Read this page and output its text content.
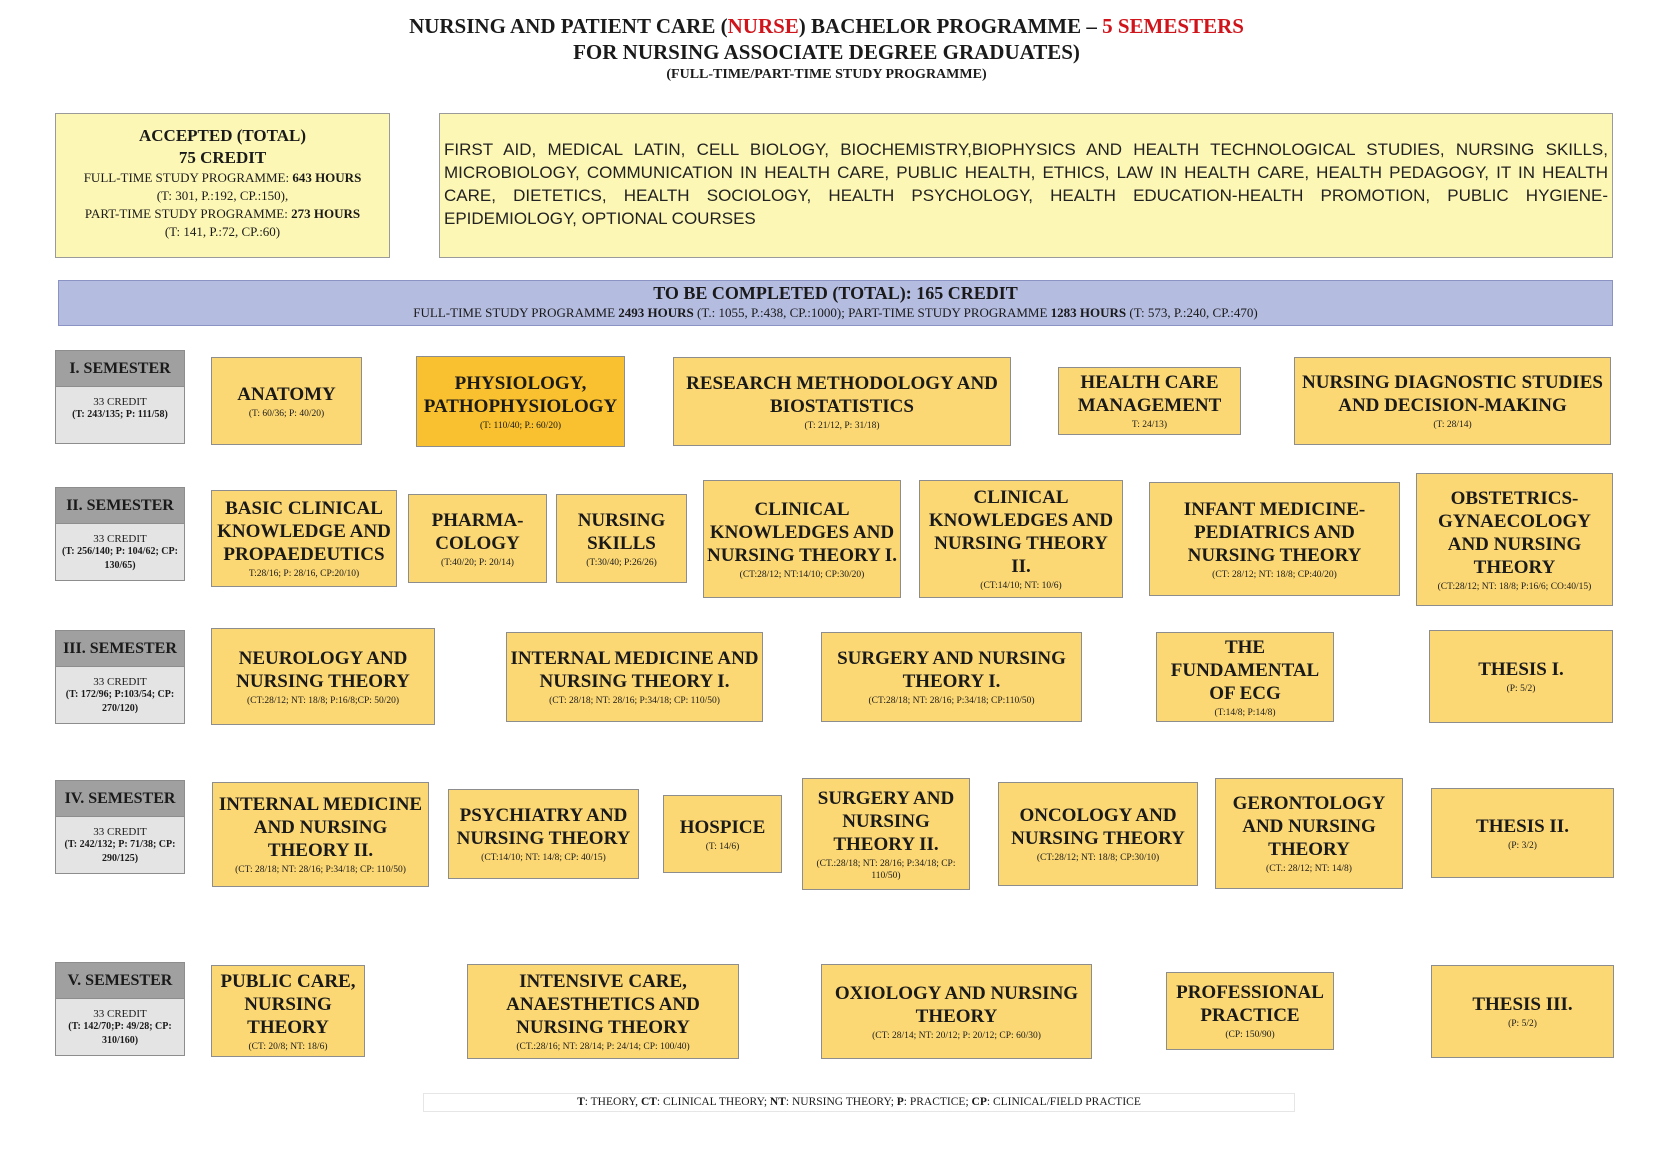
NURSING AND PATIENT CARE (NURSE) BACHELOR PROGRAMME – 5 SEMESTERS
FOR NURSING ASSOCIATE DEGREE GRADUATES)
(FULL-TIME/PART-TIME STUDY PROGRAMME)
ACCEPTED (TOTAL)
75 CREDIT
FULL-TIME STUDY PROGRAMME: 643 HOURS
(T: 301, P.:192, CP.:150),
PART-TIME STUDY PROGRAMME: 273 HOURS
(T: 141, P.:72, CP.:60)
FIRST AID, MEDICAL LATIN, CELL BIOLOGY, BIOCHEMISTRY,BIOPHYSICS AND HEALTH TECHNOLOGICAL STUDIES, NURSING SKILLS, MICROBIOLOGY, COMMUNICATION IN HEALTH CARE, PUBLIC HEALTH, ETHICS, LAW IN HEALTH CARE, HEALTH PEDAGOGY, IT IN HEALTH CARE, DIETETICS, HEALTH SOCIOLOGY, HEALTH PSYCHOLOGY, HEALTH EDUCATION-HEALTH PROMOTION, PUBLIC HYGIENE-EPIDEMIOLOGY, OPTIONAL COURSES
TO BE COMPLETED (TOTAL): 165 CREDIT
FULL-TIME STUDY PROGRAMME 2493 HOURS (T.: 1055, P.:438, CP.:1000); PART-TIME STUDY PROGRAMME 1283 HOURS (T: 573, P.:240, CP.:470)
I. SEMESTER
33 CREDIT
(T: 243/135; P: 111/58)
II. SEMESTER
33 CREDIT
(T: 256/140; P: 104/62; CP: 130/65)
III. SEMESTER
33 CREDIT
(T: 172/96; P:103/54; CP: 270/120)
IV. SEMESTER
33 CREDIT
(T: 242/132; P: 71/38; CP: 290/125)
V. SEMESTER
33 CREDIT
(T: 142/70;P: 49/28; CP: 310/160)
ANATOMY
(T: 60/36; P: 40/20)
PHYSIOLOGY, PATHOPHYSIOLOGY
(T: 110/40; P.: 60/20)
RESEARCH METHODOLOGY AND BIOSTATISTICS
(T: 21/12, P: 31/18)
HEALTH CARE MANAGEMENT
T: 24/13)
NURSING DIAGNOSTIC STUDIES AND DECISION-MAKING
(T: 28/14)
BASIC CLINICAL KNOWLEDGE AND PROPAEDEUTICS
T:28/16; P: 28/16, CP:20/10)
PHARMA-COLOGY
(T:40/20; P: 20/14)
NURSING SKILLS
(T:30/40; P:26/26)
CLINICAL KNOWLEDGES AND NURSING THEORY I.
(CT:28/12; NT:14/10; CP:30/20)
CLINICAL KNOWLEDGES AND NURSING THEORY II.
(CT:14/10; NT: 10/6)
INFANT MEDICINE-PEDIATRICS AND NURSING THEORY
(CT: 28/12; NT: 18/8; CP:40/20)
OBSTETRICS-GYNAECOLOGY AND NURSING THEORY
(CT:28/12; NT: 18/8; P:16/6; CO:40/15)
NEUROLOGY AND NURSING THEORY
(CT:28/12; NT: 18/8; P:16/8;CP: 50/20)
INTERNAL MEDICINE AND NURSING THEORY I.
(CT: 28/18; NT: 28/16; P:34/18; CP: 110/50)
SURGERY AND NURSING THEORY I.
(CT:28/18; NT: 28/16; P:34/18; CP:110/50)
THE FUNDAMENTAL OF ECG
(T:14/8; P:14/8)
THESIS I.
(P: 5/2)
INTERNAL MEDICINE AND NURSING THEORY II.
(CT: 28/18; NT: 28/16; P:34/18; CP: 110/50)
PSYCHIATRY AND NURSING THEORY
(CT:14/10; NT: 14/8; CP: 40/15)
HOSPICE
(T: 14/6)
SURGERY AND NURSING THEORY II.
(CT.:28/18; NT: 28/16; P:34/18; CP: 110/50)
ONCOLOGY AND NURSING THEORY
(CT:28/12; NT: 18/8; CP:30/10)
GERONTOLOGY AND NURSING THEORY
(CT.: 28/12; NT: 14/8)
THESIS II.
(P: 3/2)
PUBLIC CARE, NURSING THEORY
(CT: 20/8; NT: 18/6)
INTENSIVE CARE, ANAESTHETICS AND NURSING THEORY
(CT.:28/16; NT: 28/14; P: 24/14; CP: 100/40)
OXIOLOGY AND NURSING THEORY
(CT: 28/14; NT: 20/12; P: 20/12; CP: 60/30)
PROFESSIONAL PRACTICE
(CP: 150/90)
THESIS III.
(P: 5/2)
T: THEORY, CT: CLINICAL THEORY; NT: NURSING THEORY; P: PRACTICE; CP: CLINICAL/FIELD PRACTICE
